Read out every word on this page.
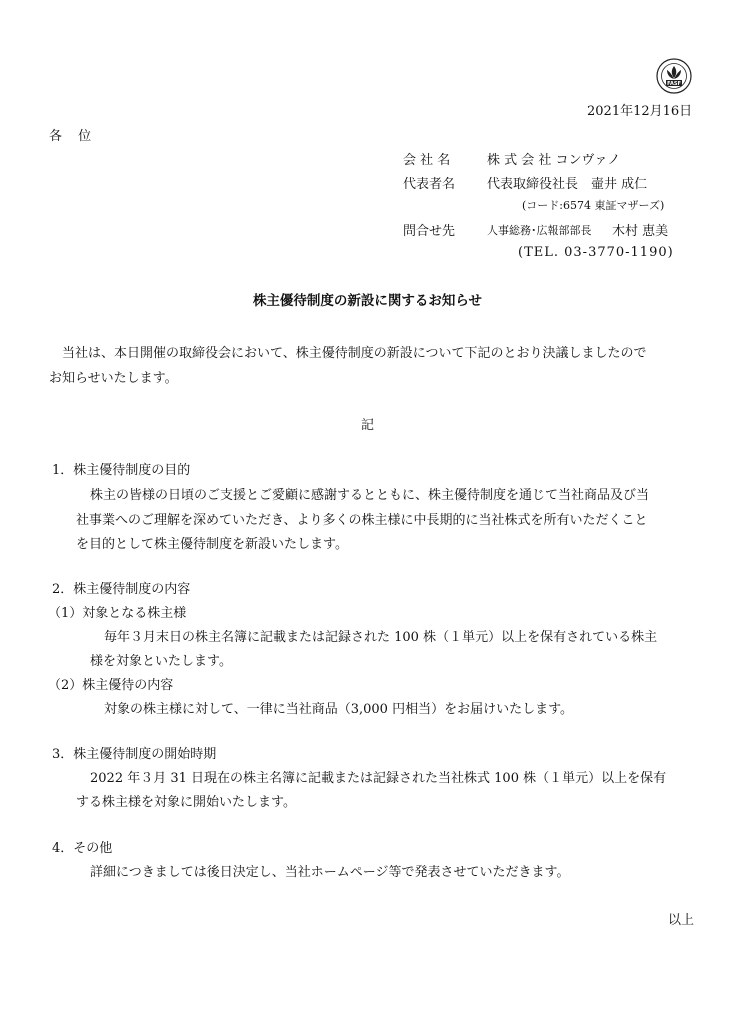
FASF
2021年12月16日
各 位
会 社 名	株 式 会 社 コンヴァノ
代表者名	代表取締役社長　壷井 成仁
(コード:6574 東証マザーズ)
問合せ先	人事総務･広報部部長 木村 恵美
(TEL. 03-3770-1190)
株主優待制度の新設に関するお知らせ
当社は、本日開催の取締役会において、株主優待制度の新設について下記のとおり決議しましたので
お知らせいたします。
記
1．株主優待制度の目的
株主の皆様の日頃のご支援とご愛顧に感謝するとともに、株主優待制度を通じて当社商品及び当
社事業へのご理解を深めていただき、より多くの株主様に中長期的に当社株式を所有いただくこと
を目的として株主優待制度を新設いたします。
2．株主優待制度の内容
（1）対象となる株主様
毎年３月末日の株主名簿に記載または記録された 100 株（１単元）以上を保有されている株主
様を対象といたします。
（2）株主優待の内容
対象の株主様に対して、一律に当社商品（3,000 円相当）をお届けいたします。
3．株主優待制度の開始時期
2022 年３月 31 日現在の株主名簿に記載または記録された当社株式 100 株（１単元）以上を保有
する株主様を対象に開始いたします。
4．その他
詳細につきましては後日決定し、当社ホームページ等で発表させていただきます。
以上
